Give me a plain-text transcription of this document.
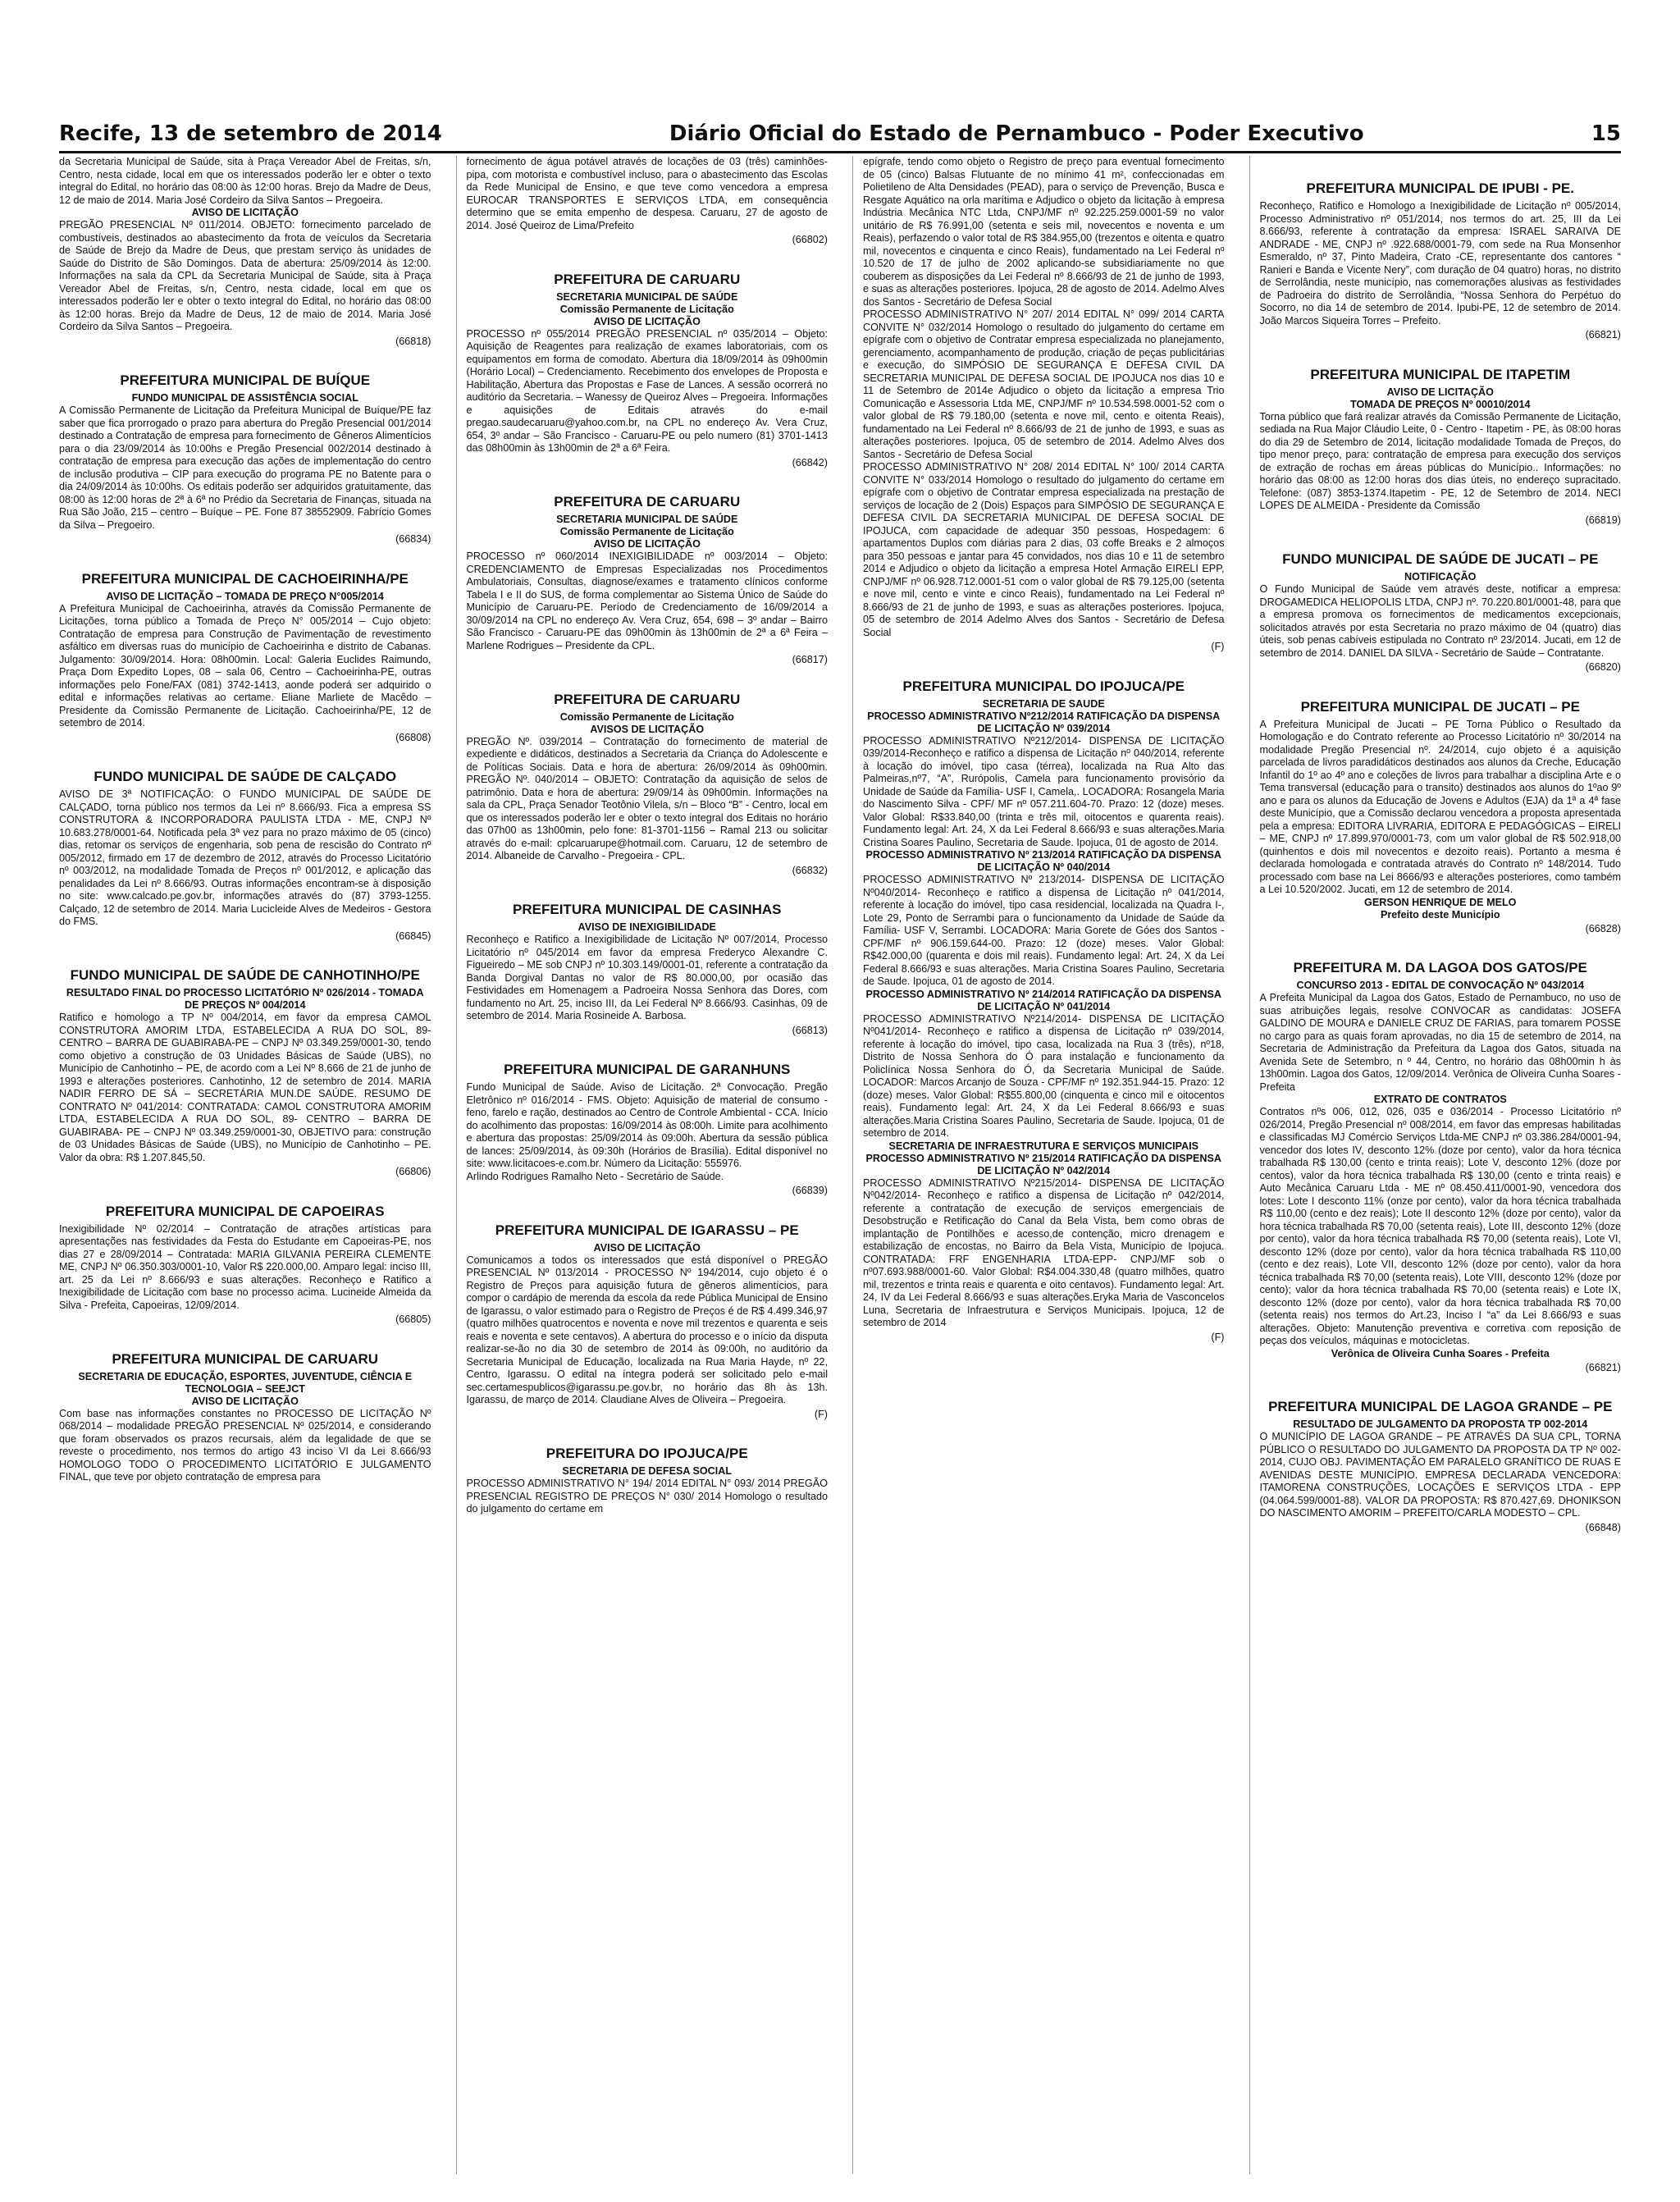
Recife, 13 de setembro de 2014	Diário Oficial do Estado de Pernambuco - Poder Executivo	15
da Secretaria Municipal de Saúde, sita à Praça Vereador Abel de Freitas, s/n, Centro, nesta cidade, local em que os interessados poderão ler e obter o texto integral do Edital, no horário das 08:00 às 12:00 horas. Brejo da Madre de Deus, 12 de maio de 2014. Maria José Cordeiro da Silva Santos – Pregoeira.
AVISO DE LICITAÇÃO
PREGÃO PRESENCIAL Nº 011/2014. OBJETO: fornecimento parcelado de combustíveis, destinados ao abastecimento da frota de veículos da Secretaria de Saúde de Brejo da Madre de Deus, que prestam serviço às unidades de Saúde do Distrito de São Domingos. Data de abertura: 25/09/2014 às 12:00. Informações na sala da CPL da Secretaria Municipal de Saúde, sita à Praça Vereador Abel de Freitas, s/n, Centro, nesta cidade, local em que os interessados poderão ler e obter o texto integral do Edital, no horário das 08:00 às 12:00 horas. Brejo da Madre de Deus, 12 de maio de 2014. Maria José Cordeiro da Silva Santos – Pregoeira.
(66818)
PREFEITURA MUNICIPAL DE BUÍQUE
FUNDO MUNICIPAL DE ASSISTÊNCIA SOCIAL
A Comissão Permanente de Licitação da Prefeitura Municipal de Buíque/PE faz saber que fica prorrogado o prazo para abertura do Pregão Presencial 001/2014 destinado a Contratação de empresa para fornecimento de Gêneros Alimentícios para o dia 23/09/2014 às 10:00hs e Pregão Presencial 002/2014 destinado à contratação de empresa para execução das ações de implementação do centro de inclusão produtiva – CIP para execução do programa PE no Batente para o dia 24/09/2014 às 10:00hs. Os editais poderão ser adquiridos gratuitamente, das 08:00 às 12:00 horas de 2ª à 6ª no Prédio da Secretaria de Finanças, situada na Rua São João, 215 – centro – Buíque – PE. Fone 87 38552909. Fabrício Gomes da Silva – Pregoeiro.
(66834)
PREFEITURA MUNICIPAL DE CACHOEIRINHA/PE
AVISO DE LICITAÇÃO – TOMADA DE PREÇO N°005/2014
A Prefeitura Municipal de Cachoeirinha, através da Comissão Permanente de Licitações, torna público a Tomada de Preço N° 005/2014 – Cujo objeto: Contratação de empresa para Construção de Pavimentação de revestimento asfáltico em diversas ruas do município de Cachoeirinha e distrito de Cabanas. Julgamento: 30/09/2014. Hora: 08h00min. Local: Galeria Euclides Raimundo, Praça Dom Expedito Lopes, 08 – sala 06, Centro – Cachoeirinha-PE, outras informações pelo Fone/FAX (081) 3742-1413, aonde poderá ser adquirido o edital e informações relativas ao certame. Eliane Marliete de Macêdo – Presidente da Comissão Permanente de Licitação. Cachoeirinha/PE, 12 de setembro de 2014.
(66808)
FUNDO MUNICIPAL DE SAÚDE DE CALÇADO
AVISO DE 3ª NOTIFICAÇÃO: O FUNDO MUNICIPAL DE SAÚDE DE CALÇADO, torna público nos termos da Lei nº 8.666/93. Fica a empresa SS CONSTRUTORA & INCORPORADORA PAULISTA LTDA - ME, CNPJ Nº 10.683.278/0001-64. Notificada pela 3ª vez para no prazo máximo de 05 (cinco) dias, retomar os serviços de engenharia, sob pena de rescisão do Contrato nº 005/2012, firmado em 17 de dezembro de 2012, através do Processo Licitatório nº 003/2012, na modalidade Tomada de Preços nº 001/2012, e aplicação das penalidades da Lei nº 8.666/93. Outras informações encontram-se à disposição no site: www.calcado.pe.gov.br, informações através do (87) 3793-1255. Calçado, 12 de setembro de 2014. Maria Lucicleide Alves de Medeiros - Gestora do FMS.
(66845)
FUNDO MUNICIPAL DE SAÚDE DE CANHOTINHO/PE
RESULTADO FINAL DO PROCESSO LICITATÓRIO Nº 026/2014 - TOMADA DE PREÇOS Nº 004/2014
Ratifico e homologo a TP Nº 004/2014, em favor da empresa CAMOL CONSTRUTORA AMORIM LTDA, ESTABELECIDA A RUA DO SOL, 89- CENTRO – BARRA DE GUABIRABA-PE – CNPJ Nº 03.349.259/0001-30, tendo como objetivo a construção de 03 Unidades Básicas de Saúde (UBS), no Município de Canhotinho – PE, de acordo com a Lei Nº 8.666 de 21 de junho de 1993 e alterações posteriores. Canhotinho, 12 de setembro de 2014. MARIA NADIR FERRO DE SÁ – SECRETÁRIA MUN.DE SAÚDE. RESUMO DE CONTRATO Nº 041/2014: CONTRATADA: CAMOL CONSTRUTORA AMORIM LTDA, ESTABELECIDA A RUA DO SOL, 89- CENTRO – BARRA DE GUABIRABA- PE – CNPJ Nº 03.349.259/0001-30, OBJETIVO para: construção de 03 Unidades Básicas de Saúde (UBS), no Município de Canhotinho – PE. Valor da obra: R$ 1.207.845,50.
(66806)
PREFEITURA MUNICIPAL DE CAPOEIRAS
Inexigibilidade Nº 02/2014 – Contratação de atrações artísticas para apresentações nas festividades da Festa do Estudante em Capoeiras-PE, nos dias 27 e 28/09/2014 – Contratada: MARIA GILVANIA PEREIRA CLEMENTE ME, CNPJ Nº 06.350.303/0001-10, Valor R$ 220.000,00. Amparo legal: inciso III, art. 25 da Lei nº 8.666/93 e suas alterações. Reconheço e Ratifico a Inexigibilidade de Licitação com base no processo acima. Lucineide Almeida da Silva - Prefeita, Capoeiras, 12/09/2014.
(66805)
PREFEITURA MUNICIPAL DE CARUARU
SECRETARIA DE EDUCAÇÃO, ESPORTES, JUVENTUDE, CIÊNCIA E TECNOLOGIA – SEEJCT
AVISO DE LICITAÇÃO
Com base nas informações constantes no PROCESSO DE LICITAÇÃO Nº 068/2014 – modalidade PREGÃO PRESENCIAL Nº 025/2014, e considerando que foram observados os prazos recursais, além da legalidade de que se reveste o procedimento, nos termos do artigo 43 inciso VI da Lei 8.666/93 HOMOLOGO TODO O PROCEDIMENTO LICITATÓRIO E JULGAMENTO FINAL, que teve por objeto contratação de empresa para
fornecimento de água potável através de locações de 03 (três) caminhões-pipa, com motorista e combustível incluso, para o abastecimento das Escolas da Rede Municipal de Ensino, e que teve como vencedora a empresa EUROCAR TRANSPORTES E SERVIÇOS LTDA, em consequência determino que se emita empenho de despesa. Caruaru, 27 de agosto de 2014. José Queiroz de Lima/Prefeito
(66802)
PREFEITURA DE CARUARU
SECRETARIA MUNICIPAL DE SAÚDE
Comissão Permanente de Licitação
AVISO DE LICITAÇÃO
PROCESSO nº 055/2014 PREGÃO PRESENCIAL nº 035/2014 – Objeto: Aquisição de Reagentes para realização de exames laboratoriais, com os equipamentos em forma de comodato. Abertura dia 18/09/2014 às 09h00min (Horário Local) – Credenciamento. Recebimento dos envelopes de Proposta e Habilitação, Abertura das Propostas e Fase de Lances. A sessão ocorrerá no auditório da Secretaria. – Wanessy de Queiroz Alves – Pregoeira. Informações e aquisições de Editais através do e-mail pregao.saudecaruaru@yahoo.com.br, na CPL no endereço Av. Vera Cruz, 654, 3º andar – São Francisco - Caruaru-PE ou pelo numero (81) 3701-1413 das 08h00min às 13h00min de 2ª a 6ª Feira.
(66842)
PREFEITURA DE CARUARU
SECRETARIA MUNICIPAL DE SAÚDE
Comissão Permanente de Licitação
AVISO DE LICITAÇÃO
PROCESSO nº 060/2014 INEXIGIBILIDADE nº 003/2014 – Objeto: CREDENCIAMENTO de Empresas Especializadas nos Procedimentos Ambulatoriais, Consultas, diagnose/exames e tratamento clínicos conforme Tabela I e II do SUS, de forma complementar ao Sistema Único de Saúde do Município de Caruaru-PE. Período de Credenciamento de 16/09/2014 a 30/09/2014 na CPL no endereço Av. Vera Cruz, 654, 698 – 3º andar – Bairro São Francisco - Caruaru-PE das 09h00min às 13h00min de 2ª a 6ª Feira – Marlene Rodrigues – Presidente da CPL.
(66817)
PREFEITURA DE CARUARU
Comissão Permanente de Licitação
AVISOS DE LICITAÇÃO
PREGÃO Nº. 039/2014 – Contratação do fornecimento de material de expediente e didáticos, destinados a Secretaria da Criança do Adolescente e de Políticas Sociais. Data e hora de abertura: 26/09/2014 às 09h00min. PREGÃO Nº. 040/2014 – OBJETO: Contratação da aquisição de selos de patrimônio. Data e hora de abertura: 29/09/14 às 09h00min. Informações na sala da CPL, Praça Senador Teotônio Vilela, s/n – Bloco “B” - Centro, local em que os interessados poderão ler e obter o texto integral dos Editais no horário das 07h00 as 13h00min, pelo fone: 81-3701-1156 – Ramal 213 ou solicitar através do e-mail: cplcaruarupe@hotmail.com. Caruaru, 12 de setembro de 2014. Albaneide de Carvalho - Pregoeira - CPL.
(66832)
PREFEITURA MUNICIPAL DE CASINHAS
AVISO DE INEXIGIBILIDADE
Reconheço e Ratifico a Inexigibilidade de Licitação Nº 007/2014, Processo Licitatório nº 045/2014 em favor da empresa Frederyco Alexandre C. Figueiredo – ME sob CNPJ nº 10.303.149/0001-01, referente a contratação da Banda Dorgival Dantas no valor de R$ 80.000,00, por ocasião das Festividades em Homenagem a Padroeira Nossa Senhora das Dores, com fundamento no Art. 25, inciso III, da Lei Federal Nº 8.666/93. Casinhas, 09 de setembro de 2014. Maria Rosineide A. Barbosa.
(66813)
PREFEITURA MUNICIPAL DE GARANHUNS
Fundo Municipal de Saúde. Aviso de Licitação. 2ª Convocação. Pregão Eletrônico nº 016/2014 - FMS. Objeto: Aquisição de material de consumo - feno, farelo e ração, destinados ao Centro de Controle Ambiental - CCA. Início do acolhimento das propostas: 16/09/2014 às 08:00h. Limite para acolhimento e abertura das propostas: 25/09/2014 às 09:00h. Abertura da sessão pública de lances: 25/09/2014, às 09:30h (Horários de Brasília). Edital disponível no site: www.licitacoes-e.com.br. Número da Licitação: 555976.
Arlindo Rodrigues Ramalho Neto - Secretário de Saúde.
(66839)
PREFEITURA MUNICIPAL DE IGARASSU – PE
AVISO DE LICITAÇÃO
Comunicamos a todos os interessados que está disponível o PREGÃO PRESENCIAL Nº 013/2014 - PROCESSO Nº 194/2014, cujo objeto é o Registro de Preços para aquisição futura de gêneros alimentícios, para compor o cardápio de merenda da escola da rede Pública Municipal de Ensino de Igarassu, o valor estimado para o Registro de Preços é de R$ 4.499.346,97 (quatro milhões quatrocentos e noventa e nove mil trezentos e quarenta e seis reais e noventa e sete centavos). A abertura do processo e o início da disputa realizar-se-ão no dia 30 de setembro de 2014 às 09:00h, no auditório da Secretaria Municipal de Educação, localizada na Rua Maria Hayde, nº 22, Centro, Igarassu. O edital na íntegra poderá ser solicitado pelo e-mail sec.certamespublicos@igarassu.pe.gov.br, no horário das 8h às 13h. Igarassu, de março de 2014. Claudiane Alves de Oliveira – Pregoeira.
(F)
PREFEITURA DO IPOJUCA/PE
SECRETARIA DE DEFESA SOCIAL
PROCESSO ADMINISTRATIVO N° 194/ 2014 EDITAL N° 093/ 2014 PREGÃO PRESENCIAL REGISTRO DE PREÇOS N° 030/ 2014 Homologo o resultado do julgamento do certame em
epígrafe, tendo como objeto o Registro de preço para eventual fornecimento de 05 (cinco) Balsas Flutuante de no mínimo 41 m², confeccionadas em Polietileno de Alta Densidades (PEAD), para o serviço de Prevenção, Busca e Resgate Aquático na orla marítima e Adjudico o objeto da licitação à empresa Indústria Mecânica NTC Ltda, CNPJ/MF nº 92.225.259.0001-59 no valor unitário de R$ 76.991,00 (setenta e seis mil, novecentos e noventa e um Reais), perfazendo o valor total de R$ 384.955,00 (trezentos e oitenta e quatro mil, novecentos e cinquenta e cinco Reais), fundamentado na Lei Federal nº 10.520 de 17 de julho de 2002 aplicando-se subsidiariamente no que couberem as disposições da Lei Federal nº 8.666/93 de 21 de junho de 1993, e suas as alterações posteriores. Ipojuca, 28 de agosto de 2014. Adelmo Alves dos Santos - Secretário de Defesa Social
PROCESSO ADMINISTRATIVO N° 207/ 2014 EDITAL N° 099/ 2014 CARTA CONVITE N° 032/2014 Homologo o resultado do julgamento do certame em epígrafe com o objetivo de Contratar empresa especializada no planejamento, gerenciamento, acompanhamento de produção, criação de peças publicitárias e execução, do SIMPÓSIO DE SEGURANÇA E DEFESA CIVIL DA SECRETARIA MUNICIPAL DE DEFESA SOCIAL DE IPOJUCA nos dias 10 e 11 de Setembro de 2014e Adjudico o objeto da licitação a empresa Trio Comunicação e Assessoria Ltda ME, CNPJ/MF nº 10.534.598.0001-52 com o valor global de R$ 79.180,00 (setenta e nove mil, cento e oitenta Reais), fundamentado na Lei Federal nº 8.666/93 de 21 de junho de 1993, e suas as alterações posteriores. Ipojuca, 05 de setembro de 2014. Adelmo Alves dos Santos - Secretário de Defesa Social
PROCESSO ADMINISTRATIVO N° 208/ 2014 EDITAL N° 100/ 2014 CARTA CONVITE N° 033/2014 Homologo o resultado do julgamento do certame em epígrafe com o objetivo de Contratar empresa especializada na prestação de serviços de locação de 2 (Dois) Espaços para SIMPÓSIO DE SEGURANÇA E DEFESA CIVIL DA SECRETARIA MUNICIPAL DE DEFESA SOCIAL DE IPOJUCA, com capacidade de adequar 350 pessoas, Hospedagem: 6 apartamentos Duplos com diárias para 2 dias, 03 coffe Breaks e 2 almoços para 350 pessoas e jantar para 45 convidados, nos dias 10 e 11 de setembro 2014 e Adjudico o objeto da licitação a empresa Hotel Armação EIRELI EPP, CNPJ/MF nº 06.928.712.0001-51 com o valor global de R$ 79.125,00 (setenta e nove mil, cento e vinte e cinco Reais), fundamentado na Lei Federal nº 8.666/93 de 21 de junho de 1993, e suas as alterações posteriores. Ipojuca, 05 de setembro de 2014 Adelmo Alves dos Santos - Secretário de Defesa Social
(F)
PREFEITURA MUNICIPAL DO IPOJUCA/PE
SECRETARIA DE SAUDE
PROCESSO ADMINISTRATIVO Nº212/2014 RATIFICAÇÃO DA DISPENSA DE LICITAÇÃO Nº 039/2014
PROCESSO ADMINISTRATIVO Nº212/2014- DISPENSA DE LICITAÇÃO 039/2014-Reconheço e ratifico a dispensa de Licitação nº 040/2014, referente à locação do imóvel, tipo casa (térrea), localizada na Rua Alto das Palmeiras,nº7, “A”, Rurópolis, Camela para funcionamento provisório da Unidade de Saúde da Família- USF I, Camela,. LOCADORA: Rosangela Maria do Nascimento Silva - CPF/ MF nº 057.211.604-70. Prazo: 12 (doze) meses. Valor Global: R$33.840,00 (trinta e três mil, oitocentos e quarenta reais). Fundamento legal: Art. 24, X da Lei Federal 8.666/93 e suas alterações.Maria Cristina Soares Paulino, Secretaria de Saude. Ipojuca, 01 de agosto de 2014.
PROCESSO ADMINISTRATIVO Nº 213/2014 RATIFICAÇÃO DA DISPENSA DE LICITAÇÃO Nº 040/2014
PROCESSO ADMINISTRATIVO Nº 213/2014- DISPENSA DE LICITAÇÃO Nº040/2014- Reconheço e ratifico a dispensa de Licitação nº 041/2014, referente à locação do imóvel, tipo casa residencial, localizada na Quadra I-, Lote 29, Ponto de Serrambi para o funcionamento da Unidade de Saúde da Família- USF V, Serrambi. LOCADORA: Maria Gorete de Góes dos Santos - CPF/MF nº 906.159.644-00. Prazo: 12 (doze) meses. Valor Global: R$42.000,00 (quarenta e dois mil reais). Fundamento legal: Art. 24, X da Lei Federal 8.666/93 e suas alterações. Maria Cristina Soares Paulino, Secretaria de Saude. Ipojuca, 01 de agosto de 2014.
PROCESSO ADMINISTRATIVO Nº 214/2014 RATIFICAÇÃO DA DISPENSA DE LICITAÇÃO Nº 041/2014
PROCESSO ADMINISTRATIVO Nº214/2014- DISPENSA DE LICITAÇÃO Nº041/2014- Reconheço e ratifico a dispensa de Licitação nº 039/2014, referente à locação do imóvel, tipo casa, localizada na Rua 3 (três), nº18, Distrito de Nossa Senhora do Ó para instalação e funcionamento da Policlínica Nossa Senhora do Ó, da Secretaria Municipal de Saúde. LOCADOR: Marcos Arcanjo de Souza - CPF/MF nº 192.351.944-15. Prazo: 12 (doze) meses. Valor Global: R$55.800,00 (cinquenta e cinco mil e oitocentos reais). Fundamento legal: Art. 24, X da Lei Federal 8.666/93 e suas alterações.Maria Cristina Soares Paulino, Secretaria de Saude. Ipojuca, 01 de setembro de 2014.
SECRETARIA DE INFRAESTRUTURA E SERVIÇOS MUNICIPAIS PROCESSO ADMINISTRATIVO Nº 215/2014 RATIFICAÇÃO DA DISPENSA DE LICITAÇÃO Nº 042/2014
PROCESSO ADMINISTRATIVO Nº215/2014- DISPENSA DE LICITAÇÃO Nº042/2014- Reconheço e ratifico a dispensa de Licitação nº 042/2014, referente a contratação de execução de serviços emergenciais de Desobstrução e Retificação do Canal da Bela Vista, bem como obras de implantação de Pontilhões e acesso,de contenção, micro drenagem e estabilização de encostas, no Bairro da Bela Vista, Município de Ipojuca. CONTRATADA: FRF ENGENHARIA LTDA-EPP- CNPJ/MF sob o nº07.693.988/0001-60. Valor Global: R$4.004.330,48 (quatro milhões, quatro mil, trezentos e trinta reais e quarenta e oito centavos). Fundamento legal: Art. 24, IV da Lei Federal 8.666/93 e suas alterações.Eryka Maria de Vasconcelos Luna, Secretaria de Infraestrutura e Serviços Municipais. Ipojuca, 12 de setembro de 2014
(F)
PREFEITURA MUNICIPAL DE IPUBI - PE.
Reconheço, Ratifico e Homologo a Inexigibilidade de Licitação nº 005/2014, Processo Administrativo nº 051/2014, nos termos do art. 25, III da Lei 8.666/93, referente à contratação da empresa: ISRAEL SARAIVA DE ANDRADE - ME, CNPJ nº .922.688/0001-79, com sede na Rua Monsenhor Esmeraldo, nº 37, Pinto Madeira, Crato -CE, representante dos cantores “ Ranieri e Banda e Vicente Nery”, com duração de 04 quatro) horas, no distrito de Serrolândia, neste município, nas comemorações alusivas as festividades de Padroeira do distrito de Serrolândia, “Nossa Senhora do Perpétuo do Socorro, no dia 14 de setembro de 2014. Ipubi-PE, 12 de setembro de 2014. João Marcos Siqueira Torres – Prefeito.
(66821)
PREFEITURA MUNICIPAL DE ITAPETIM
AVISO DE LICITAÇÃO
TOMADA DE PREÇOS Nº 00010/2014
Torna público que fará realizar através da Comissão Permanente de Licitação, sediada na Rua Major Cláudio Leite, 0 - Centro - Itapetim - PE, às 08:00 horas do dia 29 de Setembro de 2014, licitação modalidade Tomada de Preços, do tipo menor preço, para: contratação de empresa para execução dos serviços de extração de rochas em áreas públicas do Município.. Informações: no horário das 08:00 as 12:00 horas dos dias úteis, no endereço supracitado. Telefone: (087) 3853-1374.Itapetim - PE, 12 de Setembro de 2014. NECI LOPES DE ALMEIDA - Presidente da Comissão
(66819)
FUNDO MUNICIPAL DE SAÚDE DE JUCATI – PE
NOTIFICAÇÃO
O Fundo Municipal de Saúde vem através deste, notificar a empresa: DROGAMEDICA HELIOPOLIS LTDA, CNPJ nº. 70.220.801/0001-48, para que a empresa promova os fornecimentos de medicamentos excepcionais, solicitados através por esta Secretaria no prazo máximo de 04 (quatro) dias úteis, sob penas cabíveis estipulada no Contrato nº 23/2014. Jucati, em 12 de setembro de 2014. DANIEL DA SILVA - Secretário de Saúde – Contratante.
(66820)
PREFEITURA MUNICIPAL DE JUCATI – PE
A Prefeitura Municipal de Jucati – PE Torna Público o Resultado da Homologação e do Contrato referente ao Processo Licitatório nº 30/2014 na modalidade Pregão Presencial nº. 24/2014, cujo objeto é a aquisição parcelada de livros paradidáticos destinados aos alunos da Creche, Educação Infantil do 1º ao 4º ano e coleções de livros para trabalhar a disciplina Arte e o Tema transversal (educação para o transito) destinados aos alunos do 1ºao 9º ano e para os alunos da Educação de Jovens e Adultos (EJA) da 1ª a 4ª fase deste Município, que a Comissão declarou vencedora a proposta apresentada pela a empresa: EDITORA LIVRARIA, EDITORA E PEDAGÓGICAS – EIRELI – ME, CNPJ nº 17.899.970/0001-73, com um valor global de R$ 502.918,00 (quinhentos e dois mil novecentos e dezoito reais). Portanto a mesma é declarada homologada e contratada através do Contrato nº 148/2014. Tudo processado com base na Lei 8666/93 e alterações posteriores, como também a Lei 10.520/2002. Jucati, em 12 de setembro de 2014.
GERSON HENRIQUE DE MELO
Prefeito deste Município
(66828)
PREFEITURA M. DA LAGOA DOS GATOS/PE
CONCURSO 2013 - EDITAL DE CONVOCAÇÃO Nº 043/2014
A Prefeita Municipal da Lagoa dos Gatos, Estado de Pernambuco, no uso de suas atribuições legais, resolve CONVOCAR as candidatas: JOSEFA GALDINO DE MOURA e DANIELE CRUZ DE FARIAS, para tomarem POSSE no cargo para as quais foram aprovadas, no dia 15 de setembro de 2014, na Secretaria de Administração da Prefeitura da Lagoa dos Gatos, situada na Avenida Sete de Setembro, n º 44, Centro, no horário das 08h00min h às 13h00min. Lagoa dos Gatos, 12/09/2014. Verônica de Oliveira Cunha Soares - Prefeita
EXTRATO DE CONTRATOS
Contratos nºs 006, 012, 026, 035 e 036/2014 - Processo Licitatório nº 026/2014, Pregão Presencial nº 008/2014, em favor das empresas habilitadas e classificadas MJ Comércio Serviços Ltda-ME CNPJ nº 03.386.284/0001-94, vencedor dos lotes IV, desconto 12% (doze por cento), valor da hora técnica trabalhada R$ 130,00 (cento e trinta reais); Lote V, desconto 12% (doze por centos), valor da hora técnica trabalhada R$ 130,00 (cento e trinta reais) e Auto Mecânica Caruaru Ltda - ME nº 08.450.411/0001-90, vencedora dos lotes: Lote I desconto 11% (onze por cento), valor da hora técnica trabalhada R$ 110,00 (cento e dez reais); Lote II desconto 12% (doze por cento), valor da hora técnica trabalhada R$ 70,00 (setenta reais), Lote III, desconto 12% (doze por cento), valor da hora técnica trabalhada R$ 70,00 (setenta reais), Lote VI, desconto 12% (doze por cento), valor da hora técnica trabalhada R$ 110,00 (cento e dez reais), Lote VII, desconto 12% (doze por cento), valor da hora técnica trabalhada R$ 70,00 (setenta reais), Lote VIII, desconto 12% (doze por cento); valor da hora técnica trabalhada R$ 70,00 (setenta reais) e Lote IX, desconto 12% (doze por cento), valor da hora técnica trabalhada R$ 70,00 (setenta reais) nos termos do Art.23, Inciso I “a” da Lei 8.666/93 e suas alterações. Objeto: Manutenção preventiva e corretiva com reposição de peças dos veículos, máquinas e motocicletas.
Verônica de Oliveira Cunha Soares - Prefeita
(66821)
PREFEITURA MUNICIPAL DE LAGOA GRANDE – PE
RESULTADO DE JULGAMENTO DA PROPOSTA TP 002-2014
O MUNICÍPIO DE LAGOA GRANDE – PE ATRAVÉS DA SUA CPL, TORNA PÚBLICO O RESULTADO DO JULGAMENTO DA PROPOSTA DA TP Nº 002-2014, CUJO OBJ. PAVIMENTAÇÃO EM PARALELO GRANÍTICO DE RUAS E AVENIDAS DESTE MUNICÍPIO. EMPRESA DECLARADA VENCEDORA: ITAMORENA CONSTRUÇÕES, LOCAÇÕES E SERVIÇOS LTDA - EPP (04.064.599/0001-88). VALOR DA PROPOSTA: R$ 870.427,69. DHONIKSON DO NASCIMENTO AMORIM – PREFEITO/CARLA MODESTO – CPL.
(66848)
